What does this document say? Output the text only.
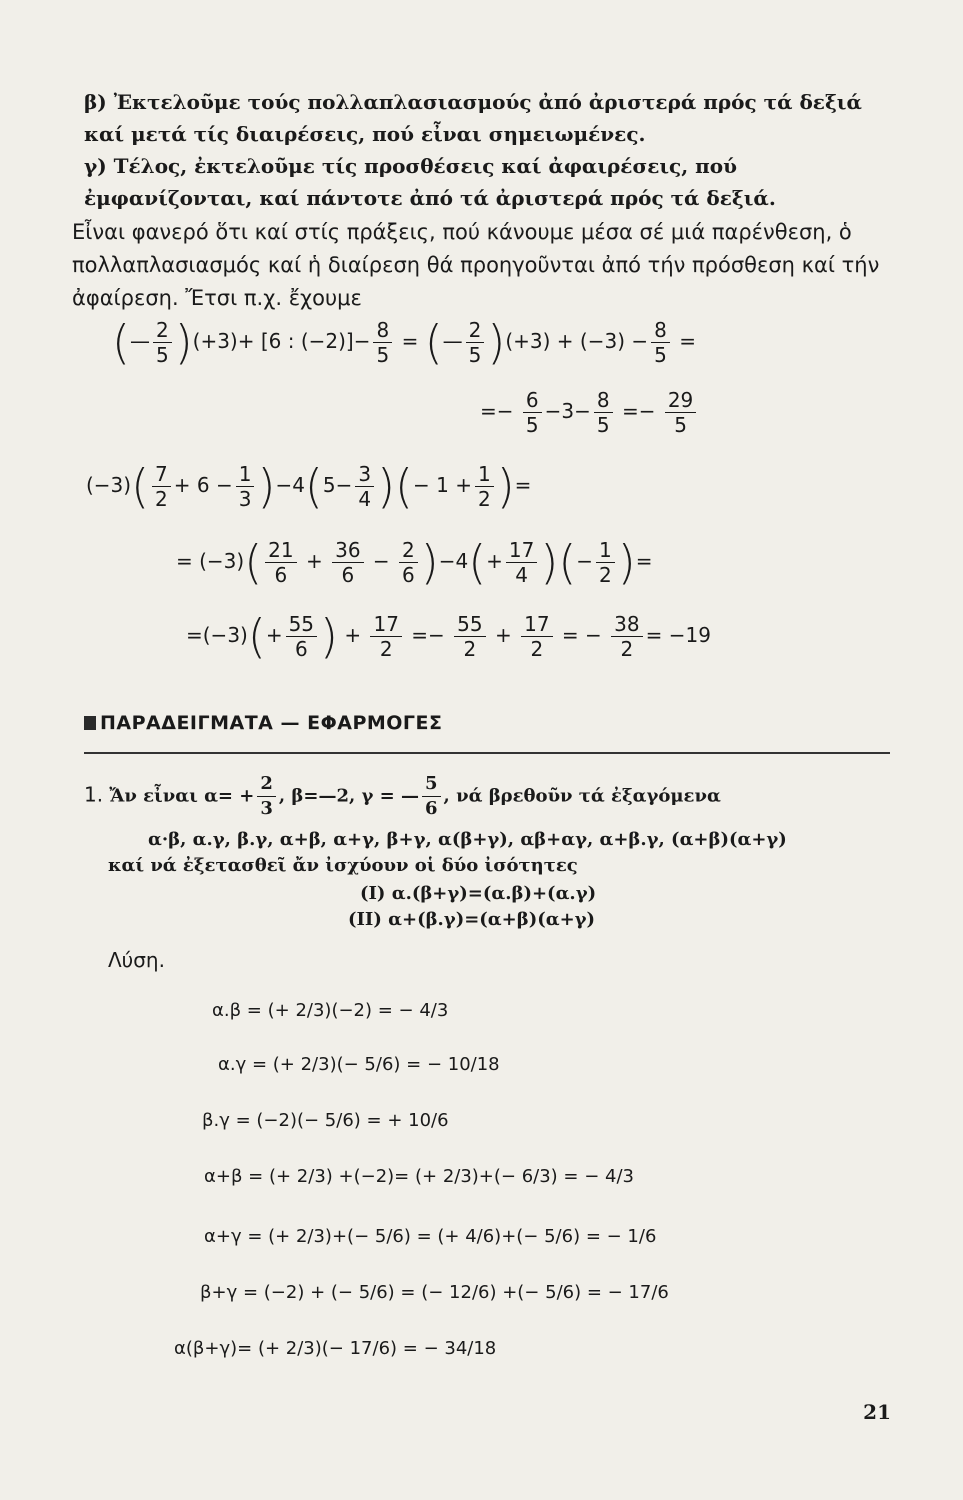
β) Ἐκτελοῦμε τούς πολλαπλασιασμούς ἀπό ἀριστερά πρός τά δεξιά καί μετά τίς διαιρέσεις, πού εἶναι σημειωμένες.
γ) Τέλος, ἐκτελοῦμε τίς προσθέσεις καί ἀφαιρέσεις, πού ἐμφανίζονται, καί πάντοτε ἀπό τά ἀριστερά πρός τά δεξιά.
Εἶναι φανερό ὅτι καί στίς πράξεις, πού κάνουμε μέσα σέ μιά παρένθεση, ὁ πολλαπλασιασμός καί ἡ διαίρεση θά προηγοῦνται ἀπό τήν πρόσθεση καί τήν ἀφαίρεση. Ἔτσι π.χ. ἔχουμε
(— $\frac{2}{5} )(+3)+ [6$ : $(-2)]- \frac{8}{5}$ = (— $\frac{2}{5} )(+3) + (-3) - \frac{8}{5}$ =
=− $\frac{6}{5} -3- \frac{8}{5} =- \frac{29}{5}$
$(-3)( \frac{7}{2} + 6 - \frac{1}{3} )-4(5- \frac{3}{4}$ )(− $1 + \frac{1}{2}$ )=
= $(-3)( \frac{21}{6} + \frac{36}{6} - \frac{2}{6} )-4(+ \frac{17}{4}$ )(− $\frac{1}{2}$ )=
$=(-3)(+ \frac{55}{6}$ ) + $\frac{17}{2} =- \frac{55}{2} + \frac{17}{2}$ = − $\frac{38}{2} = -19$
ΠΑΡΑΔΕΙΓΜΑΤΑ — ΕΦΑΡΜΟΓΕΣ
1. Ἄν εἶναι $\alpha= + \frac{2}{3}$ , β=—2, γ = — $\frac{5}{6}$ , νά βρεθοῦν τά ἐξαγόμενα
α·β, α.γ, β.γ, α+β, α+γ, β+γ, α(β+γ), αβ+αγ, α+β.γ, (α+β)(α+γ)
καί νά ἐξετασθεῖ ἄν ἰσχύουν οἱ δύο ἰσότητες
(I) α.(β+γ)=(α.β)+(α.γ)
(II) α+(β.γ)=(α+β)(α+γ)
Λύση.
α.β = (+ 2/3)(−2) = − 4/3
α.γ = (+ 2/3)(− 5/6) = − 10/18
β.γ = (−2)(− 5/6) = + 10/6
α+β = (+ 2/3) +(−2)= (+ 2/3)+(− 6/3) = − 4/3
α+γ = (+ 2/3)+(− 5/6) = (+ 4/6)+(− 5/6) = − 1/6
β+γ = (−2) + (− 5/6) = (− 12/6) +(− 5/6) = − 17/6
α(β+γ)= (+ 2/3)(− 17/6) = − 34/18
21
